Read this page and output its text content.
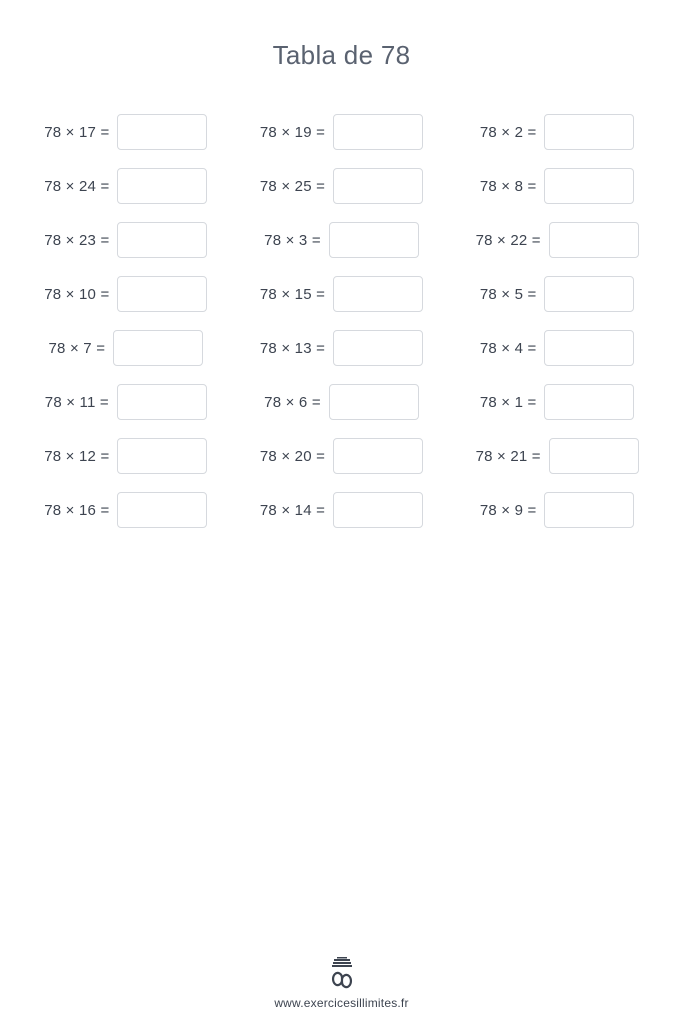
Tabla de 78
78 × 17 =	78 × 19 =	78 × 2 =
78 × 24 =	78 × 25 =	78 × 8 =
78 × 23 =	78 × 3 =	78 × 22 =
78 × 10 =	78 × 15 =	78 × 5 =
78 × 7 =	78 × 13 =	78 × 4 =
78 × 11 =	78 × 6 =	78 × 1 =
78 × 12 =	78 × 20 =	78 × 21 =
78 × 16 =	78 × 14 =	78 × 9 =
www.exercicesillimites.fr
